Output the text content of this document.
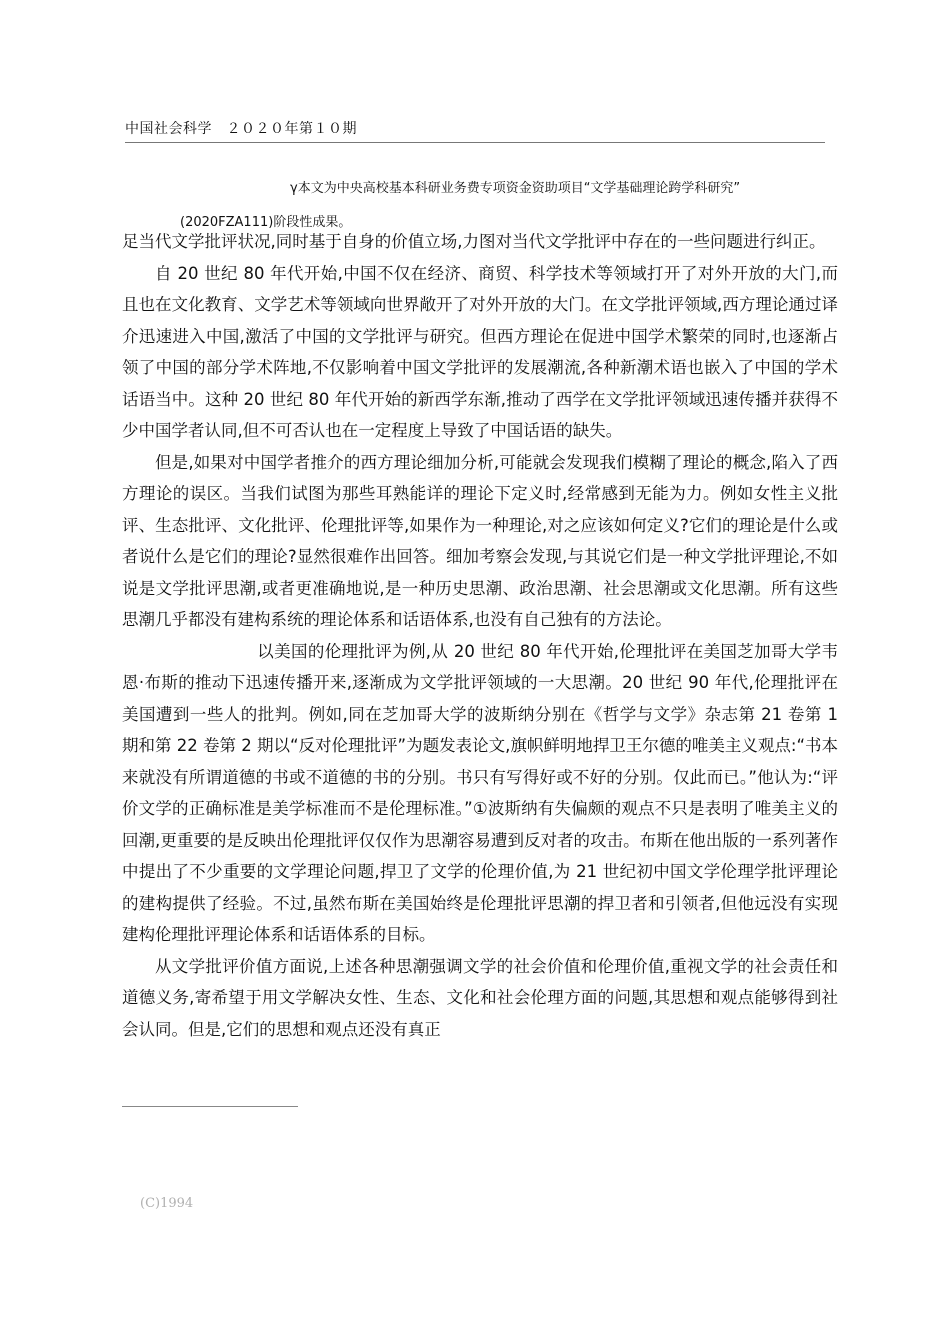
中国社会科学　２０２０年第１０期
γ本文为中央高校基本科研业务费专项资金资助项目“文学基础理论跨学科研究”
(2020FZA111)阶段性成果。

足当代文学批评状况,同时基于自身的价值立场,力图对当代文学批评中存在的一些问题进行纠正。

自 20 世纪 80 年代开始,中国不仅在经济、商贸、科学技术等领域打开了对外开放的大门,而且也在文化教育、文学艺术等领域向世界敞开了对外开放的大门。在文学批评领域,西方理论通过译介迅速进入中国,激活了中国的文学批评与研究。但西方理论在促进中国学术繁荣的同时,也逐渐占领了中国的部分学术阵地,不仅影响着中国文学批评的发展潮流,各种新潮术语也嵌入了中国的学术话语当中。这种 20 世纪 80 年代开始的新西学东渐,推动了西学在文学批评领域迅速传播并获得不少中国学者认同,但不可否认也在一定程度上导致了中国话语的缺失。

但是,如果对中国学者推介的西方理论细加分析,可能就会发现我们模糊了理论的概念,陷入了西方理论的误区。当我们试图为那些耳熟能详的理论下定义时,经常感到无能为力。例如女性主义批评、生态批评、文化批评、伦理批评等,如果作为一种理论,对之应该如何定义?它们的理论是什么或者说什么是它们的理论?显然很难作出回答。细加考察会发现,与其说它们是一种文学批评理论,不如说是文学批评思潮,或者更准确地说,是一种历史思潮、政治思潮、社会思潮或文化思潮。所有这些思潮几乎都没有建构系统的理论体系和话语体系,也没有自己独有的方法论。

以美国的伦理批评为例,从 20 世纪 80 年代开始,伦理批评在美国芝加哥大学韦恩·布斯的推动下迅速传播开来,逐渐成为文学批评领域的一大思潮。20 世纪 90 年代,伦理批评在美国遭到一些人的批判。例如,同在芝加哥大学的波斯纳分别在《哲学与文学》杂志第 21 卷第 1 期和第 22 卷第 2 期以“反对伦理批评”为题发表论文,旗帜鲜明地捍卫王尔德的唯美主义观点:“书本来就没有所谓道德的书或不道德的书的分别。书只有写得好或不好的分别。仅此而已。”他认为:“评价文学的正确标准是美学标准而不是伦理标准。”①波斯纳有失偏颇的观点不只是表明了唯美主义的回潮,更重要的是反映出伦理批评仅仅作为思潮容易遭到反对者的攻击。布斯在他出版的一系列著作中提出了不少重要的文学理论问题,捍卫了文学的伦理价值,为 21 世纪初中国文学伦理学批评理论的建构提供了经验。不过,虽然布斯在美国始终是伦理批评思潮的捍卫者和引领者,但他远没有实现建构伦理批评理论体系和话语体系的目标。

从文学批评价值方面说,上述各种思潮强调文学的社会价值和伦理价值,重视文学的社会责任和道德义务,寄希望于用文学解决女性、生态、文化和社会伦理方面的问题,其思想和观点能够得到社会认同。但是,它们的思想和观点还没有真正

(C)1994
